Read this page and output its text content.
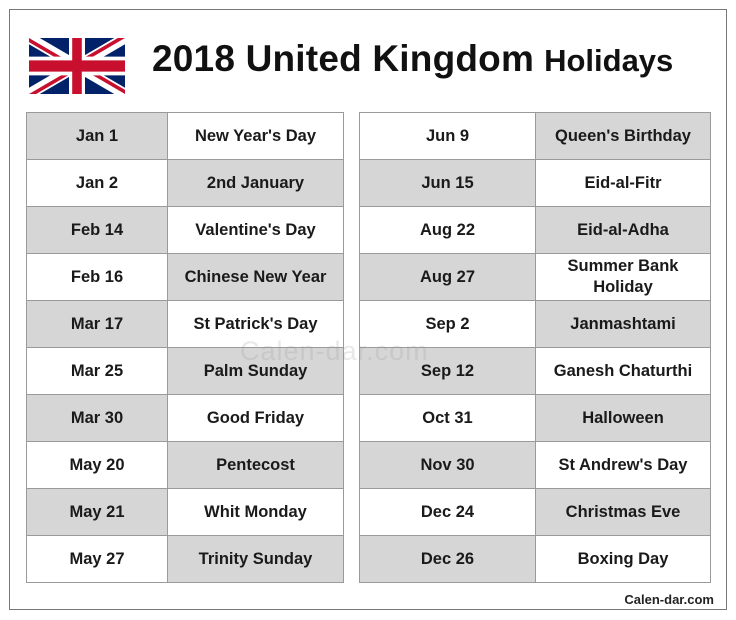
2018 United Kingdom Holidays
Jan 1	New Year's Day
Jan 2	2nd January
Feb 14	Valentine's Day
Feb 16	Chinese New Year
Mar 17	St Patrick's Day
Mar 25	Palm Sunday
Mar 30	Good Friday
May 20	Pentecost
May 21	Whit Monday
May 27	Trinity Sunday
Jun 9	Queen's Birthday
Jun 15	Eid-al-Fitr
Aug 22	Eid-al-Adha
Aug 27	Summer Bank Holiday
Sep 2	Janmashtami
Sep 12	Ganesh Chaturthi
Oct 31	Halloween
Nov 30	St Andrew's Day
Dec 24	Christmas Eve
Dec 26	Boxing Day
Calen-dar.com
Calen-dar.com
